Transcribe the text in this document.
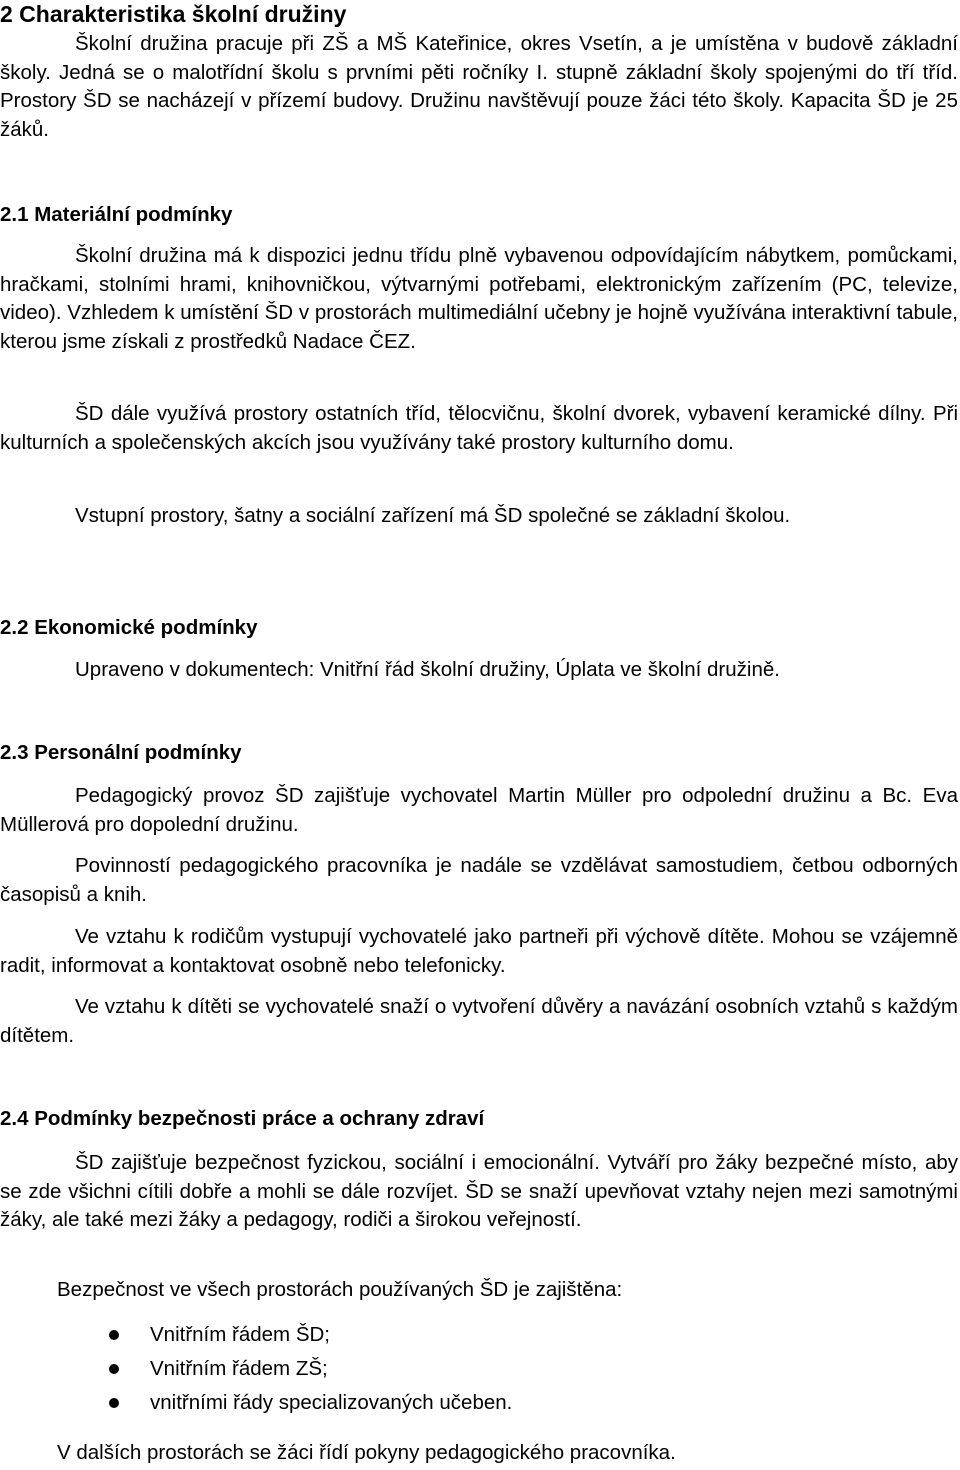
2 Charakteristika školní družiny
Školní družina pracuje při ZŠ a MŠ Kateřinice, okres Vsetín, a je umístěna v budově základní školy. Jedná se o malotřídní školu s prvními pěti ročníky I. stupně základní školy spojenými do tří tříd. Prostory ŠD se nacházejí v přízemí budovy. Družinu navštěvují pouze žáci této školy. Kapacita ŠD je 25 žáků.
2.1 Materiální podmínky
Školní družina má k dispozici jednu třídu plně vybavenou odpovídajícím nábytkem, pomůckami, hračkami, stolními hrami, knihovničkou, výtvarnými potřebami, elektronickým zařízením (PC, televize, video). Vzhledem k umístění ŠD v prostorách multimediální učebny je hojně využívána interaktivní tabule, kterou jsme získali z prostředků Nadace ČEZ.
ŠD dále využívá prostory ostatních tříd, tělocvičnu, školní dvorek, vybavení keramické dílny. Při kulturních a společenských akcích jsou využívány také prostory kulturního domu.
Vstupní prostory, šatny a sociální zařízení má ŠD společné se základní školou.
2.2 Ekonomické podmínky
Upraveno v dokumentech: Vnitřní řád školní družiny, Úplata ve školní družině.
2.3 Personální podmínky
Pedagogický provoz ŠD zajišťuje vychovatel Martin Müller pro odpolední družinu a Bc. Eva Müllerová pro dopolední družinu.
Povinností pedagogického pracovníka je nadále se vzdělávat samostudiem, četbou odborných časopisů a knih.
Ve vztahu k rodičům vystupují vychovatelé jako partneři při výchově dítěte. Mohou se vzájemně radit, informovat a kontaktovat osobně nebo telefonicky.
Ve vztahu k dítěti se vychovatelé snaží o vytvoření důvěry a navázání osobních vztahů s každým dítětem.
2.4 Podmínky bezpečnosti práce a ochrany zdraví
ŠD zajišťuje bezpečnost fyzickou, sociální i emocionální. Vytváří pro žáky bezpečné místo, aby se zde všichni cítili dobře a mohli se dále rozvíjet. ŠD se snaží upevňovat vztahy nejen mezi samotnými žáky, ale také mezi žáky a pedagogy, rodiči a širokou veřejností.
Bezpečnost ve všech prostorách používaných ŠD je zajištěna:
Vnitřním řádem ŠD;
Vnitřním řádem ZŠ;
vnitřními řády specializovaných učeben.
V dalších prostorách se žáci řídí pokyny pedagogického pracovníka.
